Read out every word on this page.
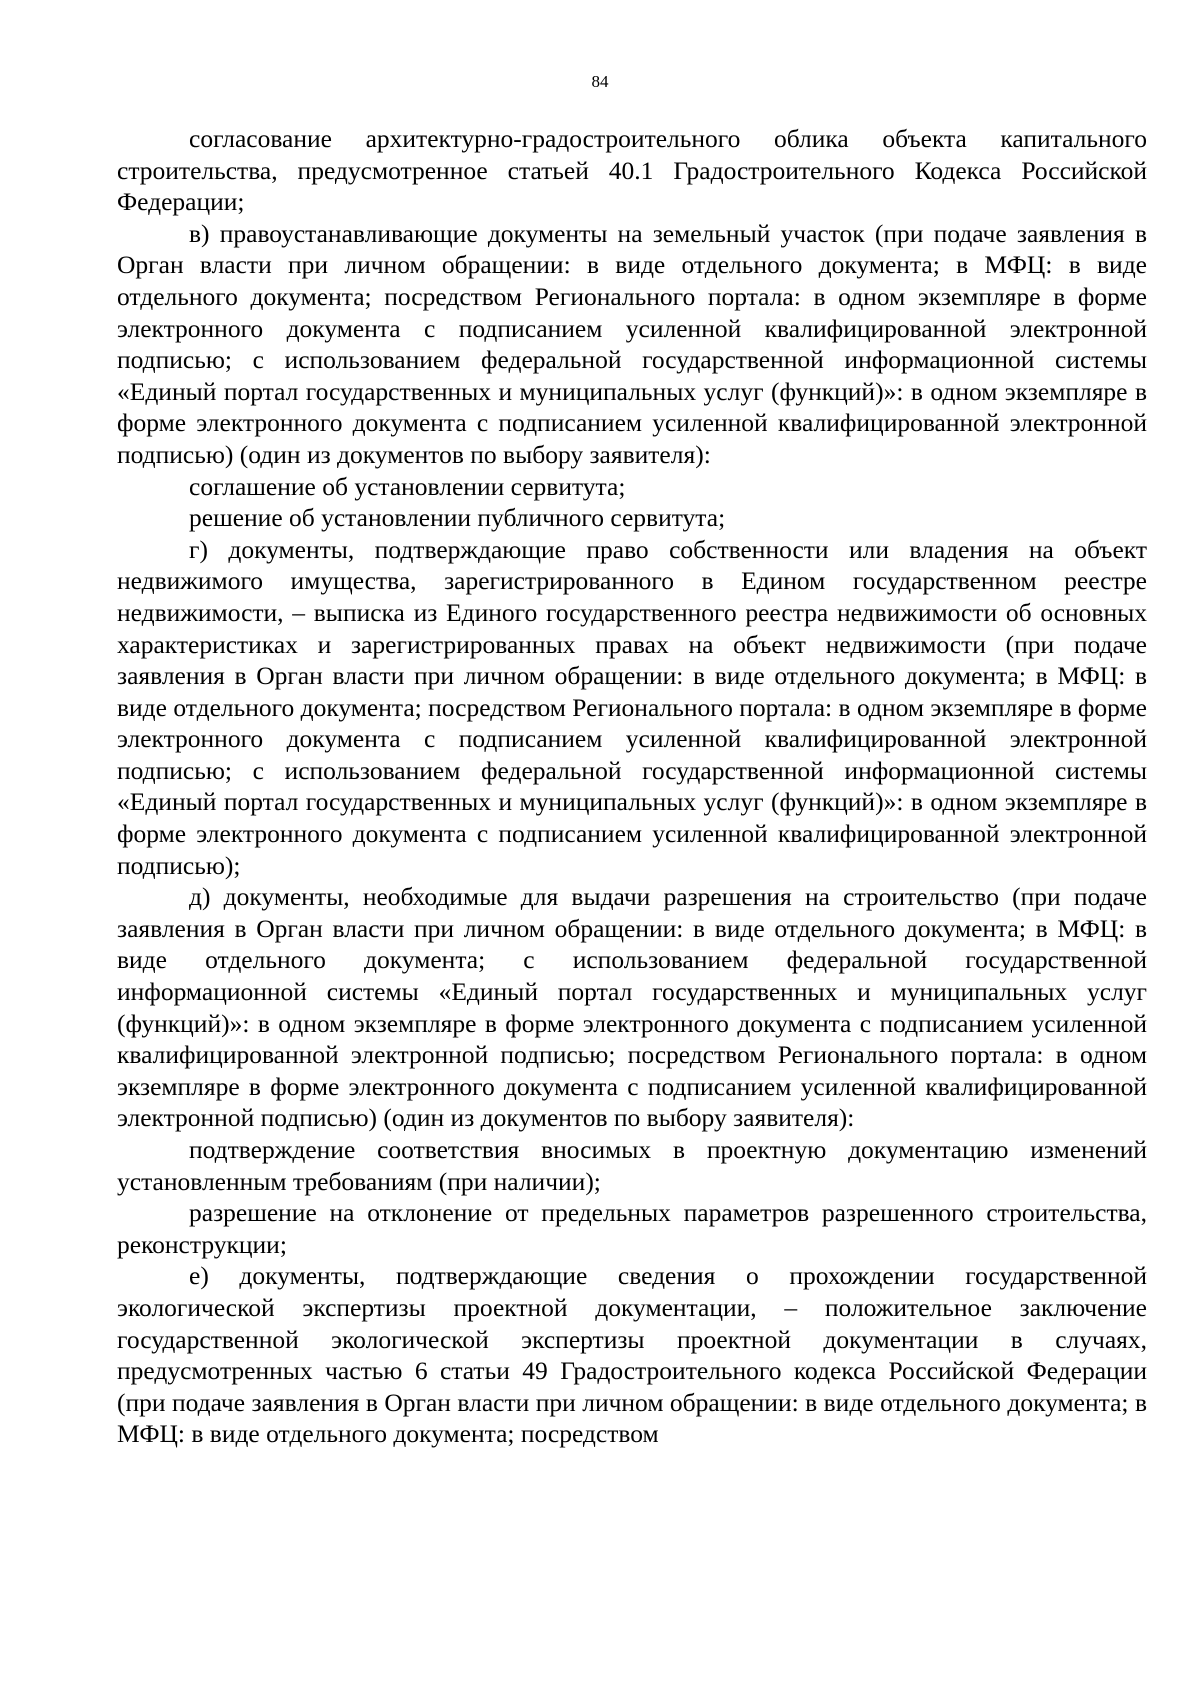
84

согласование архитектурно-градостроительного облика объекта капитального строительства, предусмотренное статьей 40.1 Градостроительного Кодекса Российской Федерации;

в) правоустанавливающие документы на земельный участок (при подаче заявления в Орган власти при личном обращении: в виде отдельного документа; в МФЦ: в виде отдельного документа; посредством Регионального портала: в одном экземпляре в форме электронного документа с подписанием усиленной квалифицированной электронной подписью; с использованием федеральной государственной информационной системы «Единый портал государственных и муниципальных услуг (функций)»: в одном экземпляре в форме электронного документа с подписанием усиленной квалифицированной электронной подписью) (один из документов по выбору заявителя):

соглашение об установлении сервитута;

решение об установлении публичного сервитута;

г) документы, подтверждающие право собственности или владения на объект недвижимого имущества, зарегистрированного в Едином государственном реестре недвижимости, – выписка из Единого государственного реестра недвижимости об основных характеристиках и зарегистрированных правах на объект недвижимости (при подаче заявления в Орган власти при личном обращении: в виде отдельного документа; в МФЦ: в виде отдельного документа; посредством Регионального портала: в одном экземпляре в форме электронного документа с подписанием усиленной квалифицированной электронной подписью; с использованием федеральной государственной информационной системы «Единый портал государственных и муниципальных услуг (функций)»: в одном экземпляре в форме электронного документа с подписанием усиленной квалифицированной электронной подписью);

д) документы, необходимые для выдачи разрешения на строительство (при подаче заявления в Орган власти при личном обращении: в виде отдельного документа; в МФЦ: в виде отдельного документа; с использованием федеральной государственной информационной системы «Единый портал государственных и муниципальных услуг (функций)»: в одном экземпляре в форме электронного документа с подписанием усиленной квалифицированной электронной подписью; посредством Регионального портала: в одном экземпляре в форме электронного документа с подписанием усиленной квалифицированной электронной подписью) (один из документов по выбору заявителя):

подтверждение соответствия вносимых в проектную документацию изменений установленным требованиям (при наличии);

разрешение на отклонение от предельных параметров разрешенного строительства, реконструкции;

е) документы, подтверждающие сведения о прохождении государственной экологической экспертизы проектной документации, – положительное заключение государственной экологической экспертизы проектной документации в случаях, предусмотренных частью 6 статьи 49 Градостроительного кодекса Российской Федерации (при подаче заявления в Орган власти при личном обращении: в виде отдельного документа; в МФЦ: в виде отдельного документа; посредством
